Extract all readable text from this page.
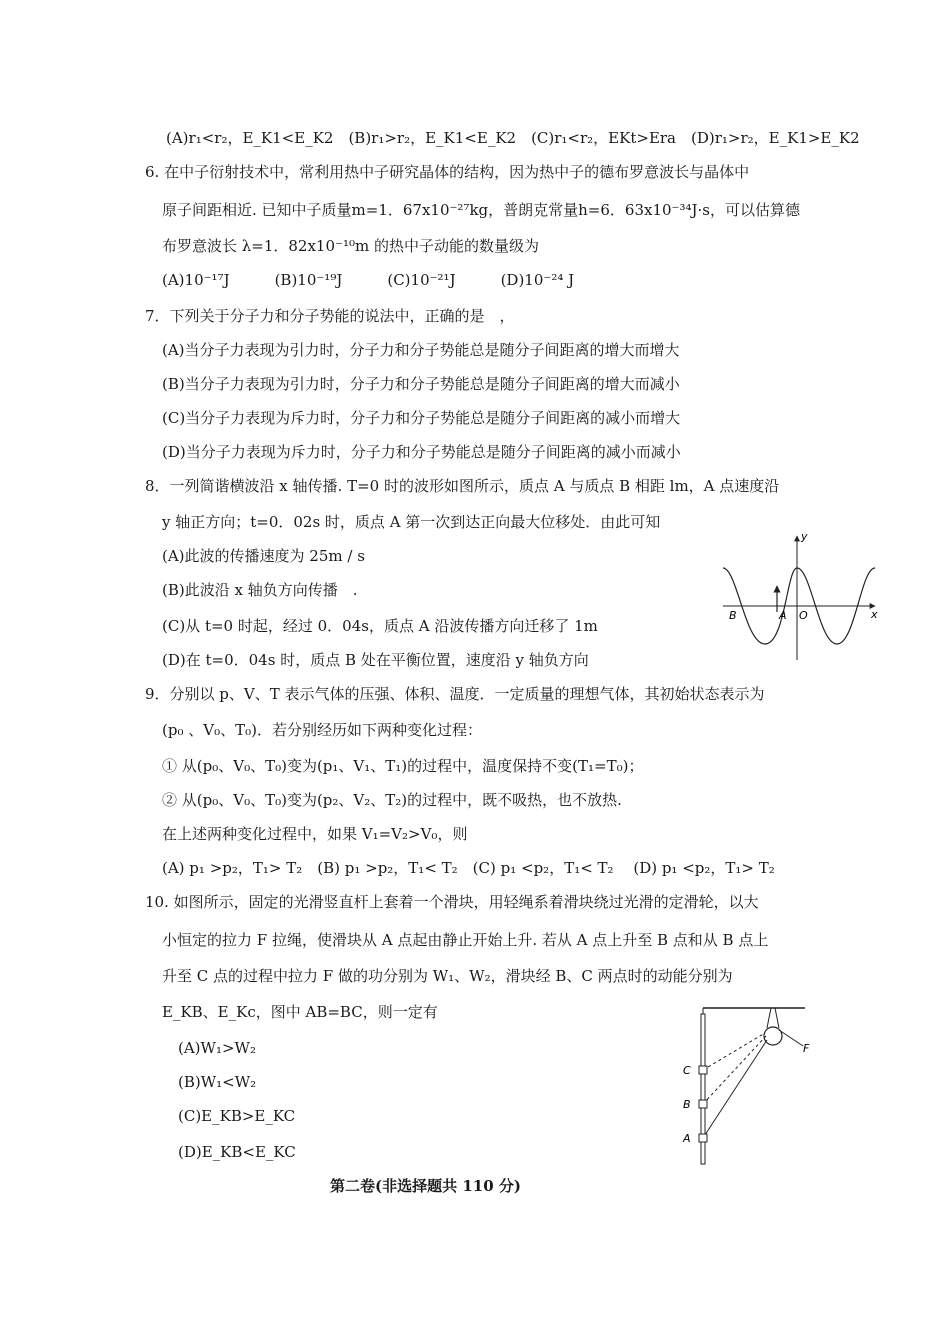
(A)r₁<r₂，E_K1<E_K2　(B)r₁>r₂，E_K1<E_K2　(C)r₁<r₂，EKt>Era　(D)r₁>r₂，E_K1>E_K2
6. 在中子衍射技术中，常利用热中子研究晶体的结构，因为热中子的德布罗意波长与晶体中
原子间距相近. 已知中子质量m=1．67x10⁻²⁷kg，普朗克常量h=6．63x10⁻³⁴J·s，可以估算德
布罗意波长 λ=1．82x10⁻¹⁰m 的热中子动能的数量级为
(A)10⁻¹⁷J　　　(B)10⁻¹⁹J　　　(C)10⁻²¹J　　　(D)10⁻²⁴ J
7．下列关于分子力和分子势能的说法中，正确的是　，
(A)当分子力表现为引力时，分子力和分子势能总是随分子间距离的增大而增大
(B)当分子力表现为引力时，分子力和分子势能总是随分子间距离的增大而减小
(C)当分子力表现为斥力时，分子力和分子势能总是随分子间距离的减小而增大
(D)当分子力表现为斥力时，分子力和分子势能总是随分子间距离的减小而减小
8．一列简谐横波沿 x 轴传播. T=0 时的波形如图所示，质点 A 与质点 B 相距 lm，A 点速度沿
y 轴正方向；t=0．02s 时，质点 A 第一次到达正向最大位移处．由此可知
(A)此波的传播速度为 25m / s
(B)此波沿 x 轴负方向传播　.
(C)从 t=0 时起，经过 0．04s，质点 A 沿波传播方向迁移了 1m
(D)在 t=0．04s 时，质点 B 处在平衡位置，速度沿 y 轴负方向
9．分别以 p、V、T 表示气体的压强、体积、温度．一定质量的理想气体，其初始状态表示为
(p₀ 、V₀、T₀)．若分别经历如下两种变化过程：
① 从(p₀、V₀、T₀)变为(p₁、V₁、T₁)的过程中，温度保持不变(T₁=T₀)；
② 从(p₀、V₀、T₀)变为(p₂、V₂、T₂)的过程中，既不吸热，也不放热.
在上述两种变化过程中，如果 V₁=V₂>V₀，则
(A) p₁ >p₂，T₁> T₂　(B) p₁ >p₂，T₁< T₂　(C) p₁ <p₂，T₁< T₂　 (D) p₁ <p₂，T₁> T₂
10. 如图所示，固定的光滑竖直杆上套着一个滑块，用轻绳系着滑块绕过光滑的定滑轮，以大
小恒定的拉力 F 拉绳，使滑块从 A 点起由静止开始上升. 若从 A 点上升至 B 点和从 B 点上
升至 C 点的过程中拉力 F 做的功分别为 W₁、W₂，滑块经 B、C 两点时的动能分别为
E_KB、E_Kc，图中 AB=BC，则一定有
(A)W₁>W₂
(B)W₁<W₂
(C)E_KB>E_KC
(D)E_KB<E_KC
第二卷(非选择题共 110 分)
y
x
B	A O
F
C
B
A
